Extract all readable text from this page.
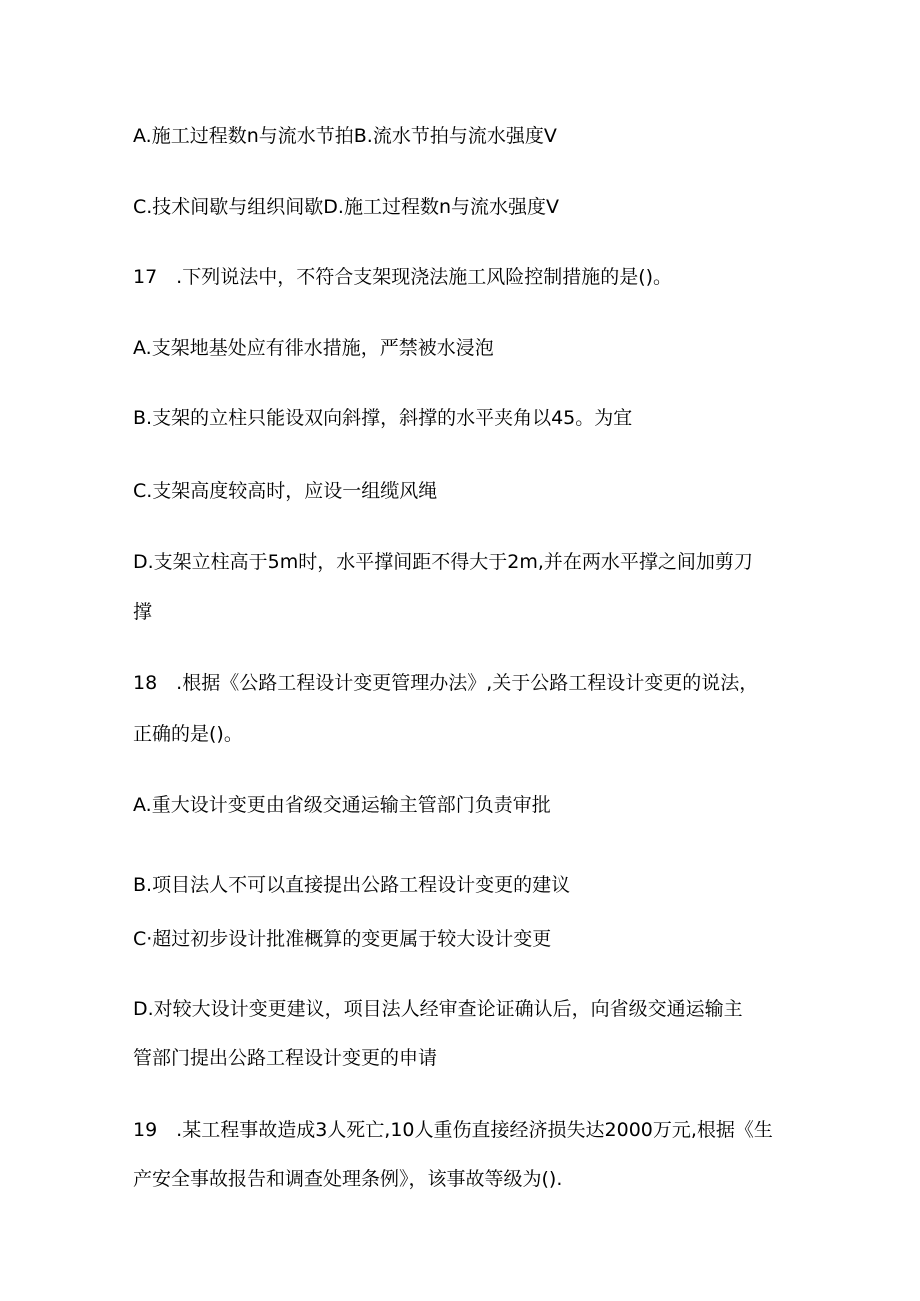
A.施工过程数n与流水节拍B.流水节拍与流水强度V
C.技术间歇与组织间歇D.施工过程数n与流水强度V
17　.下列说法中，不符合支架现浇法施工风险控制措施的是()。
A.支架地基处应有徘水措施，严禁被水浸泡
B.支架的立柱只能设双向斜撑，斜撑的水平夹角以45。为宜
C.支架高度较高时，应设一组缆风绳
D.支架立柱高于5m时，水平撑间距不得大于2m,并在两水平撑之间加剪刀
撑
18　.根据《公路工程设计变更管理办法》,关于公路工程设计变更的说法，
正确的是()。
A.重大设计变更由省级交通运输主管部门负责审批
B.项目法人不可以直接提出公路工程设计变更的建议
C·超过初步设计批准概算的变更属于较大设计变更
D.对较大设计变更建议，项目法人经审查论证确认后，向省级交通运输主
管部门提出公路工程设计变更的申请
19　.某工程事故造成3人死亡,10人重伤直接经济损失达2000万元,根据《生
产安全事故报告和调查处理条例》，该事故等级为().
